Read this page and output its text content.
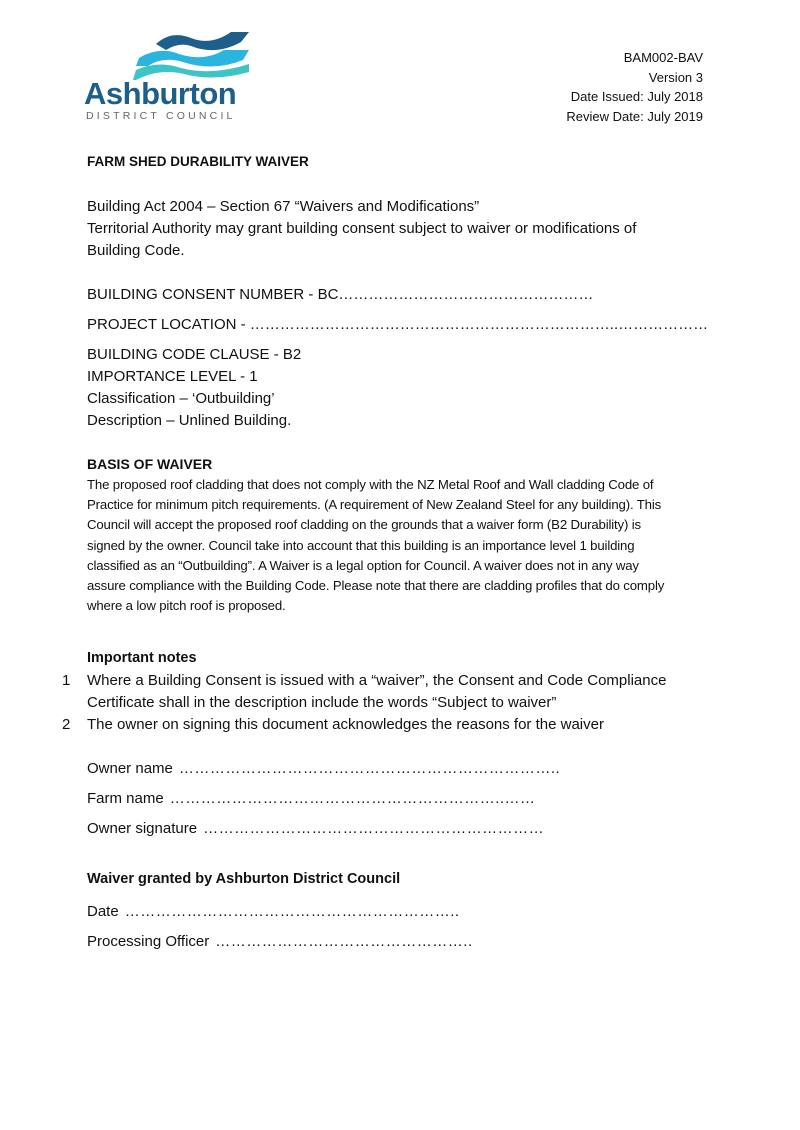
Ashburton
DISTRICT COUNCIL
BAM002-BAV
Version 3
Date Issued: July 2018
Review Date: July 2019
FARM SHED DURABILITY WAIVER
Building Act 2004 – Section 67 “Waivers and Modifications”
Territorial Authority may grant building consent subject to waiver or modifications of
Building Code.
BUILDING CONSENT NUMBER - BC……………………………………………
PROJECT LOCATION - ………………………………………………………………..………………
BUILDING CODE CLAUSE - B2
IMPORTANCE LEVEL - 1
Classification – ‘Outbuilding’
Description – Unlined Building.
BASIS OF WAIVER
The proposed roof cladding that does not comply with the NZ Metal Roof and Wall cladding Code of
Practice for minimum pitch requirements. (A requirement of New Zealand Steel for any building). This
Council will accept the proposed roof cladding on the grounds that a waiver form (B2 Durability) is
signed by the owner. Council take into account that this building is an importance level 1 building
classified as an “Outbuilding”. A Waiver is a legal option for Council. A waiver does not in any way
assure compliance with the Building Code. Please note that there are cladding profiles that do comply
where a low pitch roof is proposed.
Important notes
1 Where a Building Consent is issued with a “waiver”, the Consent and Code Compliance
Certificate shall in the description include the words “Subject to waiver”
2 The owner on signing this document acknowledges the reasons for the waiver
Owner name ………………………………………………………………..
Farm name ………………………………………………………..……
Owner signature …………………………………………………………
Waiver granted by Ashburton District Council
Date ………………………………………………………..
Processing Officer …………………………………………..
